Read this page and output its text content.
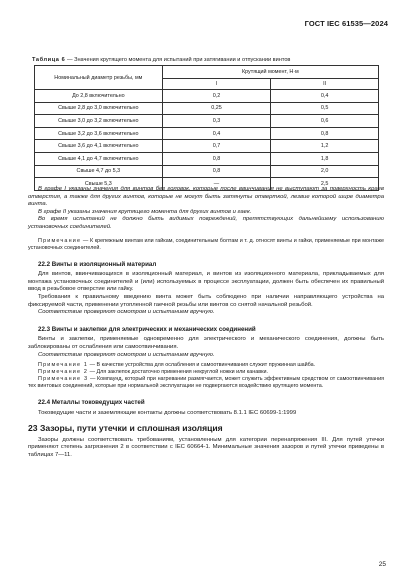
ГОСТ IEC 61535—2024
Таблица 6 — Значения крутящего момента для испытаний при затягивании и отпускании винтов
Номинальный диаметр резьбы, мм	Крутящий момент, Н·м	
	I	II
До 2,8 включительно	0,2	0,4
Свыше 2,8 до 3,0 включительно	0,25	0,5
Свыше 3,0 до 3,2 включительно	0,3	0,6
Свыше 3,2 до 3,6 включительно	0,4	0,8
Свыше 3,6 до 4,1 включительно	0,7	1,2
Свыше 4,1 до 4,7 включительно	0,8	1,8
Свыше 4,7 до 5,3	0,8	2,0
Свыше 5,3	—	2,5

В графе I указаны значения для винтов без головок, которые после ввинчивания не выступают за поверхность краев отверстия, а также для других винтов, которые не могут быть затянуты отверткой, лезвие которой шире диаметра винта.

В графе II указаны значения крутящего момента для других винтов и гаек.

Во время испытаний не должно быть видимых повреждений, препятствующих дальнейшему использованию установочных соединителей.

Примечание — К крепежным винтам или гайкам, соединительным болтам и т. д. относят винты и гайки, применяемые при монтаже установочных соединителей.

22.2 Винты в изоляционный материал

Для винтов, ввинчивающихся в изоляционный материал, и винтов из изоляционного материала, прикладываемых для монтажа установочных соединителей и (или) используемых в процессе эксплуатации, должен быть обеспечен их правильный ввод в резьбовое отверстие или гайку.

Требования к правильному введению винта может быть соблюдено при наличии направляющего устройства на фиксируемой части, применении утопленной гаечной резьбы или винтов со снятой начальной резьбой.

Соответствие проверяют осмотром и испытанием вручную.

22.3 Винты и заклепки для электрических и механических соединений

Винты и заклепки, применяемые одновременно для электрического и механического соединения, должны быть заблокированы от ослабления или самоотвинчивания.

Соответствие проверяют осмотром и испытанием вручную.

Примечание 1 — В качестве устройства для ослабления и самоотвинчивания служит пружинная шайба.

Примечание 2 — Для заклепок достаточно применения некруглой ножки или канавки.

Примечание 3 — Компаунд, который при нагревании размягчается, может служить эффективным средством от самоотвинчивания тех винтовых соединений, которые при нормальной эксплуатации не подвергаются воздействию крутящего момента.

22.4 Металлы токоведущих частей

Токоведущие части и заземляющие контакты должны соответствовать 8.1.1 IEC 60699-1:1999

23 Зазоры, пути утечки и сплошная изоляция

Зазоры должны соответствовать требованиям, установленным для категории перенапряжения III. Для путей утечки применяют степень загрязнения 2 в соответствии с IEC 60664-1. Минимальные значения зазоров и путей утечки приведены в таблицах 7—11.

25
